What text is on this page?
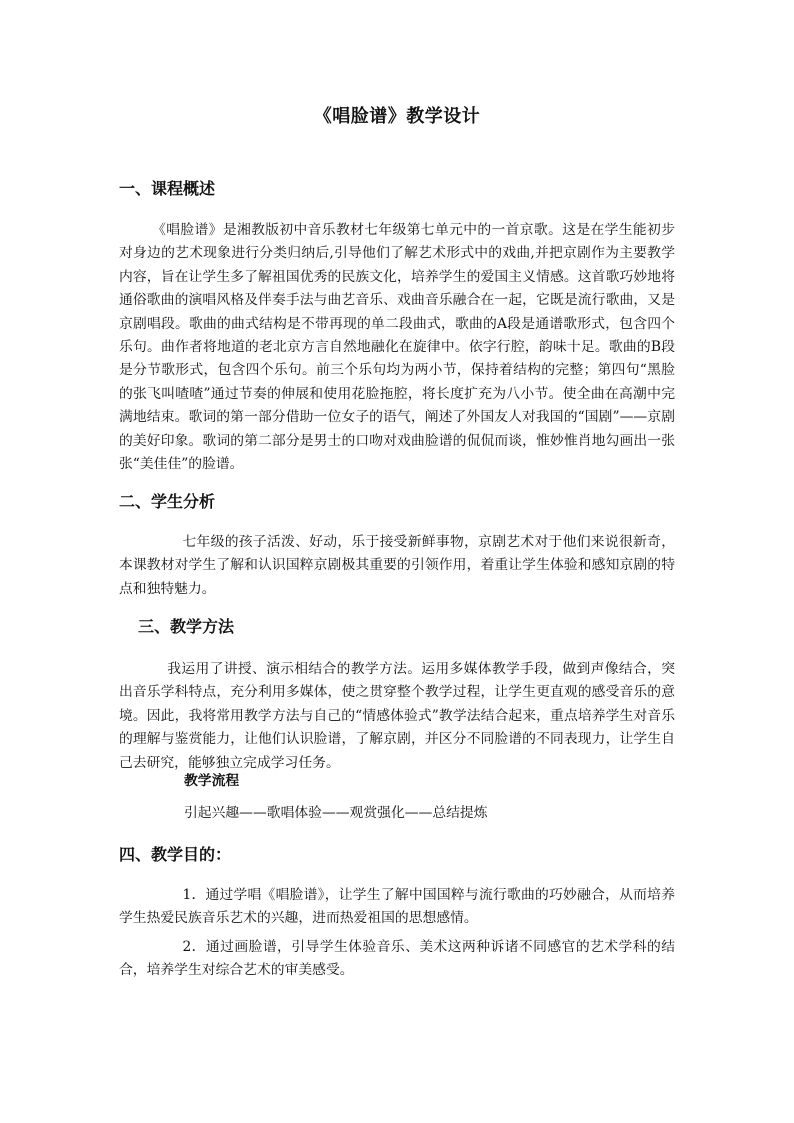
《唱脸谱》教学设计
一、课程概述
《唱脸谱》是湘教版初中音乐教材七年级第七单元中的一首京歌。这是在学生能初步对身边的艺术现象进行分类归纳后,引导他们了解艺术形式中的戏曲,并把京剧作为主要教学内容，旨在让学生多了解祖国优秀的民族文化，培养学生的爱国主义情感。这首歌巧妙地将通俗歌曲的演唱风格及伴奏手法与曲艺音乐、戏曲音乐融合在一起，它既是流行歌曲，又是京剧唱段。歌曲的曲式结构是不带再现的单二段曲式，歌曲的A段是通谱歌形式，包含四个乐句。曲作者将地道的老北京方言自然地融化在旋律中。依字行腔，韵味十足。歌曲的B段是分节歌形式，包含四个乐句。前三个乐句均为两小节，保持着结构的完整；第四句“黑脸的张飞叫喳喳”通过节奏的伸展和使用花脸拖腔，将长度扩充为八小节。使全曲在高潮中完满地结束。歌词的第一部分借助一位女子的语气，阐述了外国友人对我国的“国剧”——京剧的美好印象。歌词的第二部分是男士的口吻对戏曲脸谱的侃侃而谈，惟妙惟肖地勾画出一张张“美佳佳”的脸谱。
二、学生分析
七年级的孩子活泼、好动，乐于接受新鲜事物，京剧艺术对于他们来说很新奇，本课教材对学生了解和认识国粹京剧极其重要的引领作用，着重让学生体验和感知京剧的特点和独特魅力。
三、教学方法
我运用了讲授、演示相结合的教学方法。运用多媒体教学手段，做到声像结合，突出音乐学科特点，充分利用多媒体，使之贯穿整个教学过程，让学生更直观的感受音乐的意境。因此，我将常用教学方法与自己的“情感体验式”教学法结合起来，重点培养学生对音乐的理解与鉴赏能力，让他们认识脸谱，了解京剧，并区分不同脸谱的不同表现力，让学生自己去研究，能够独立完成学习任务。
教学流程
引起兴趣——歌唱体验——观赏强化——总结提炼
四、教学目的：
1．通过学唱《唱脸谱》，让学生了解中国国粹与流行歌曲的巧妙融合，从而培养学生热爱民族音乐艺术的兴趣，进而热爱祖国的思想感情。
2．通过画脸谱，引导学生体验音乐、美术这两种诉诸不同感官的艺术学科的结合，培养学生对综合艺术的审美感受。
